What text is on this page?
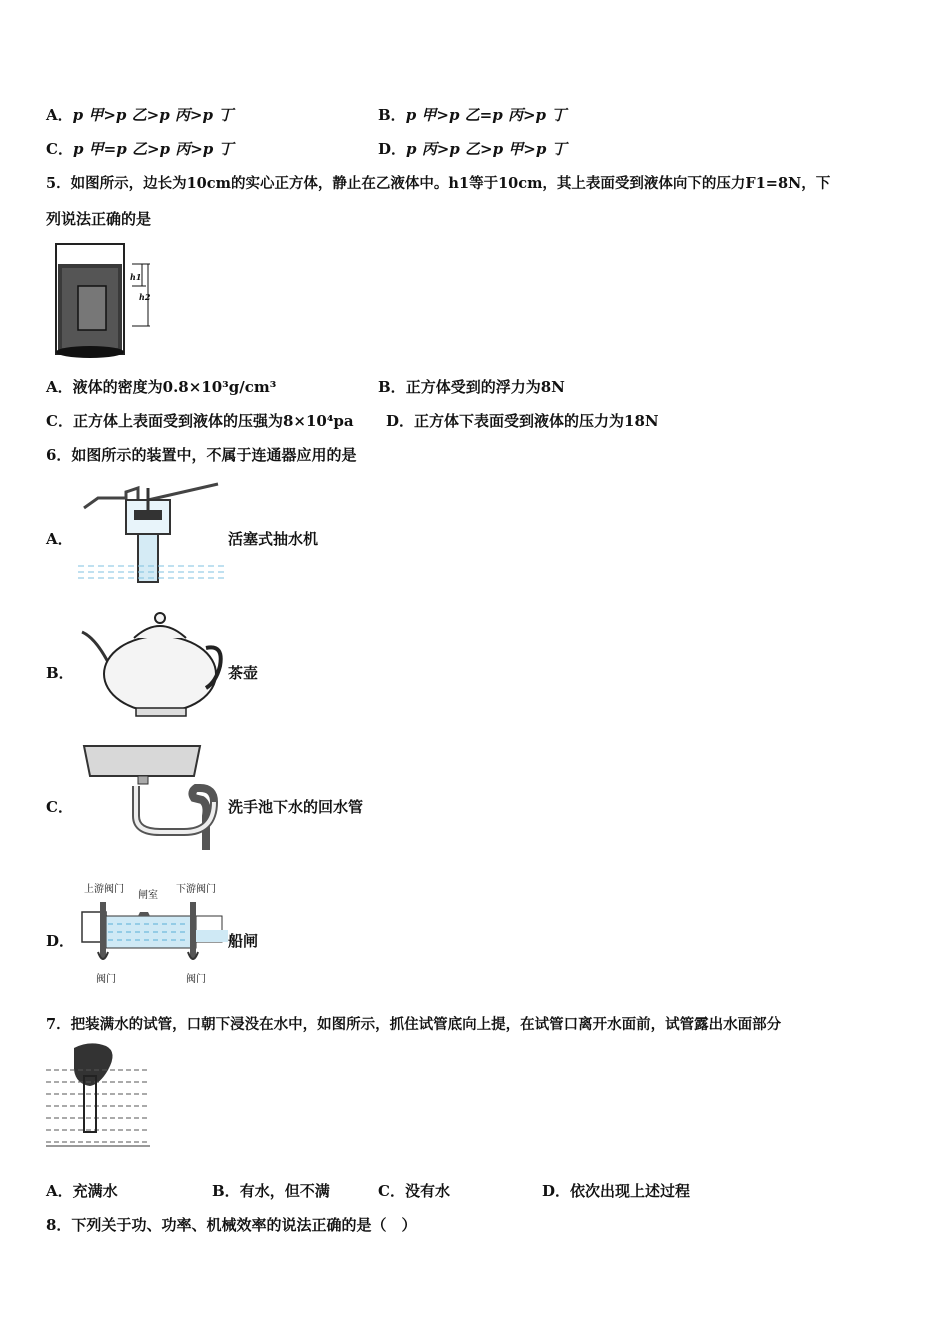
A．p 甲>p 乙>p 丙>p 丁	B．p 甲>p 乙=p 丙>p 丁
C．p 甲=p 乙>p 丙>p 丁	D．p 丙>p 乙>p 甲>p 丁
5．如图所示，边长为10cm的实心正方体，静止在乙液体中。h1等于10cm，其上表面受到液体向下的压力F1=8N，下
列说法正确的是
h1
h2
A．液体的密度为0.8×10³g/cm³	B．正方体受到的浮力为8N
C．正方体上表面受到液体的压强为8×10⁴pa D．正方体下表面受到液体的压力为18N
6．如图所示的装置中，不属于连通器应用的是
A．	活塞式抽水机
B．	茶壶
C．	洗手池下水的回水管
D．
上游阀门
闸室
下游阀门
阀门	阀门
船闸
7．把装满水的试管，口朝下浸没在水中，如图所示，抓住试管底向上提，在试管口离开水面前，试管露出水面部分
A．充满水	B．有水，但不满	C．没有水	D．依次出现上述过程
8．下列关于功、功率、机械效率的说法正确的是（　）
